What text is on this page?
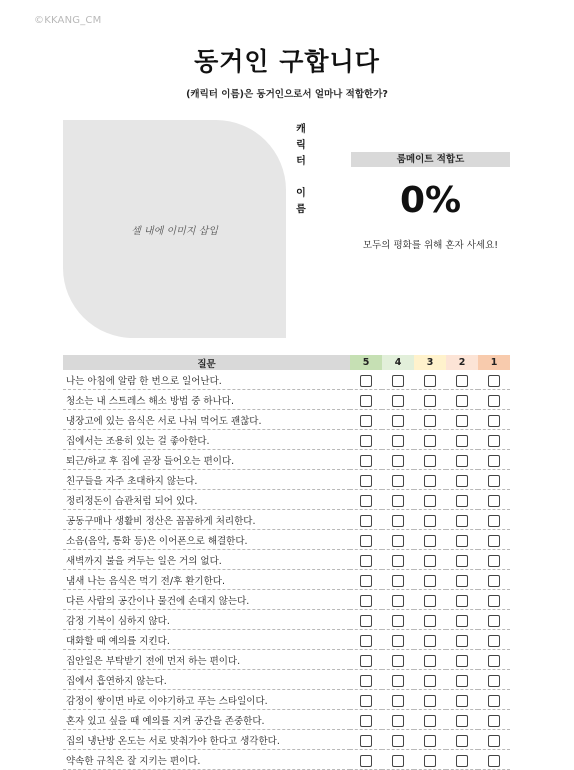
©KKANG_CM
동거인 구합니다
(캐릭터 이름)은 동거인으로서 얼마나 적합한가?
셀 내에 이미지 삽입
캐
릭
터
이
름
룸메이트 적합도
0%
모두의 평화를 위해 혼자 사세요!
질문	5	4	3	2	1
나는 아침에 알람 한 번으로 일어난다.					
청소는 내 스트레스 해소 방법 중 하나다.					
냉장고에 있는 음식은 서로 나눠 먹어도 괜찮다.					
집에서는 조용히 있는 걸 좋아한다.					
퇴근/하교 후 집에 곧장 들어오는 편이다.					
친구들을 자주 초대하지 않는다.					
정리정돈이 습관처럼 되어 있다.					
공동구매나 생활비 정산은 꼼꼼하게 처리한다.					
소음(음악, 통화 등)은 이어폰으로 해결한다.					
새벽까지 불을 켜두는 일은 거의 없다.					
냄새 나는 음식은 먹기 전/후 환기한다.					
다른 사람의 공간이나 물건에 손대지 않는다.					
감정 기복이 심하지 않다.					
대화할 때 예의를 지킨다.					
집안일은 부탁받기 전에 먼저 하는 편이다.					
집에서 흡연하지 않는다.					
감정이 쌓이면 바로 이야기하고 푸는 스타일이다.					
혼자 있고 싶을 때 예의를 지켜 공간을 존중한다.					
집의 냉난방 온도는 서로 맞춰가야 한다고 생각한다.					
약속한 규칙은 잘 지키는 편이다.					
